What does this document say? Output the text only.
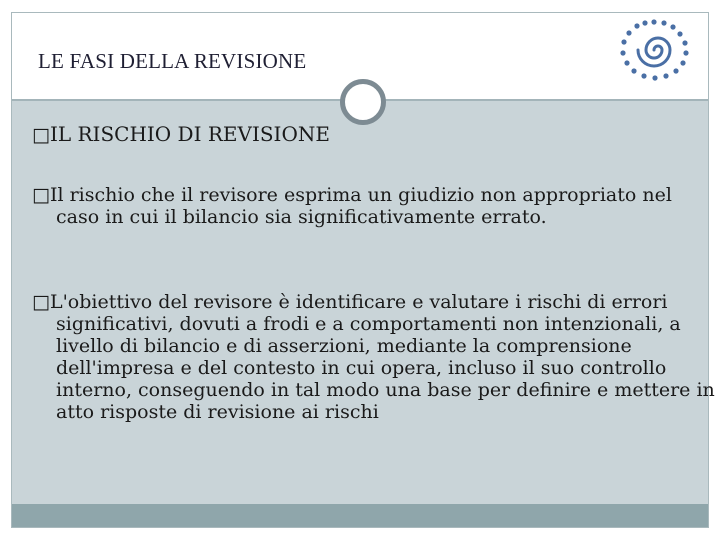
LE FASI DELLA REVISIONE
□IL RISCHIO DI REVISIONE
□Il rischio che il revisore esprima un giudizio non appropriato nel caso in cui il bilancio sia significativamente errato.
□L'obiettivo del revisore è identificare e valutare i rischi di errori significativi, dovuti a frodi e a comportamenti non intenzionali, a livello di bilancio e di asserzioni, mediante la comprensione dell'impresa e del contesto in cui opera, incluso il suo controllo interno, conseguendo in tal modo una base per definire e mettere in atto risposte di revisione ai rischi
